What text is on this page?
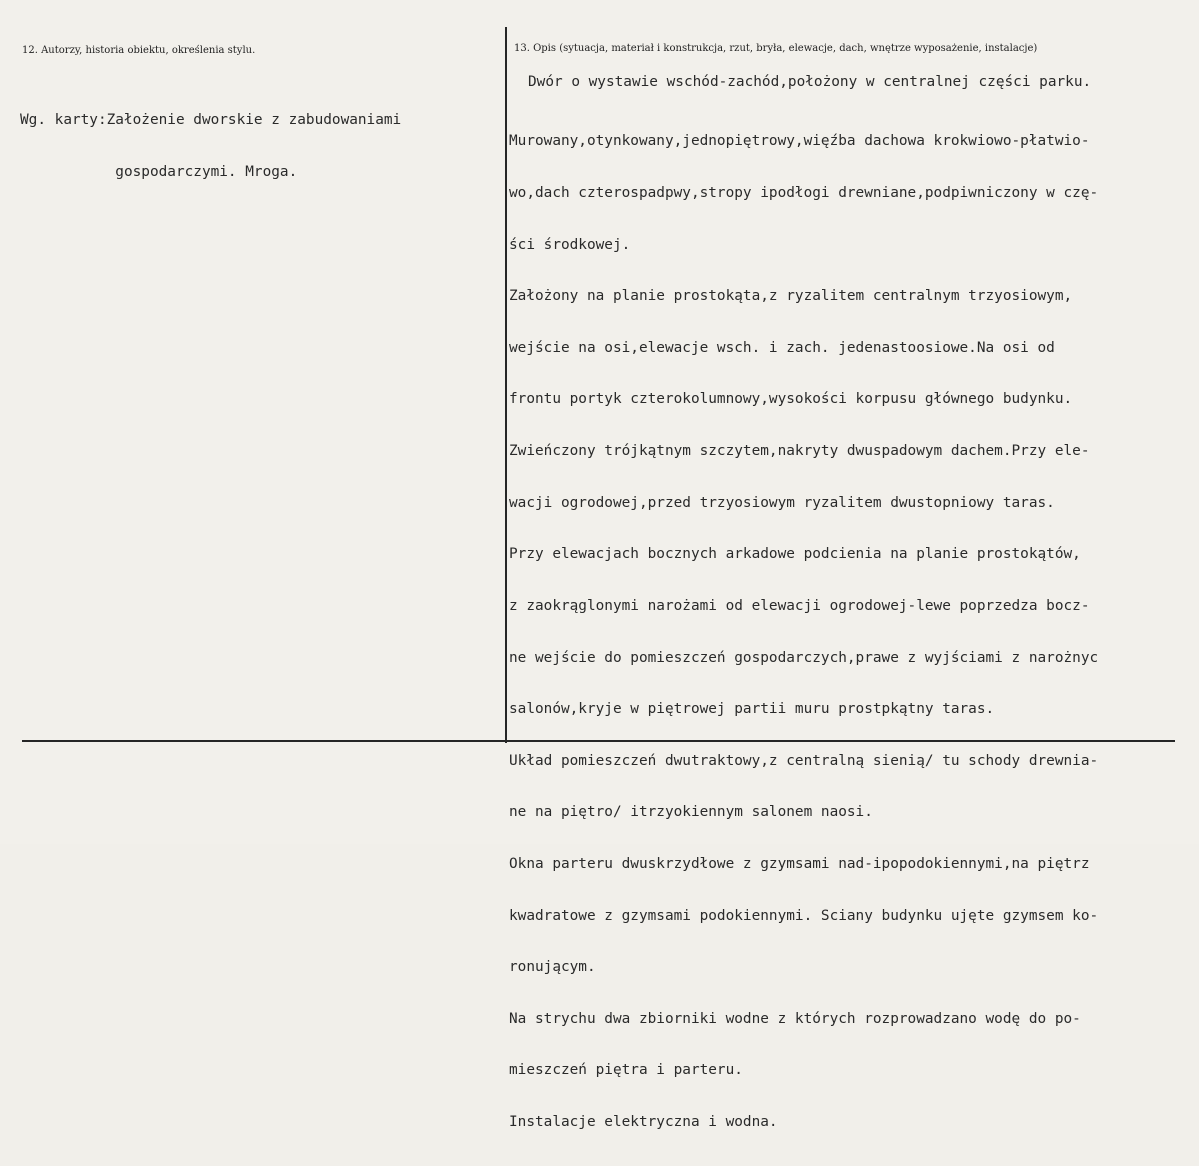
12. Autorzy, historia obiektu, określenia stylu.	13. Opis (sytuacja, materiał i konstrukcja, rzut, bryła, elewacje, dach, wnętrze wyposażenie, instalacje)

Wg. karty:Założenie dworskie z zabudowaniami

gospodarczymi. Mroga.

Dwór o wystawie wschód-zachód,położony w centralnej części parku.

Murowany,otynkowany,jednopiętrowy,więźba dachowa krokwiowo-płatwio-

wo,dach czterospadpwy,stropy ipodłogi drewniane,podpiwniczony w czę-

ści środkowej.

Założony na planie prostokąta,z ryzalitem centralnym trzyosiowym,

wejście na osi,elewacje wsch. i zach. jedenastoosiowe.Na osi od

frontu portyk czterokolumnowy,wysokości korpusu głównego budynku.

Zwieńczony trójkątnym szczytem,nakryty dwuspadowym dachem.Przy ele-

wacji ogrodowej,przed trzyosiowym ryzalitem dwustopniowy taras.

Przy elewacjach bocznych arkadowe podcienia na planie prostokątów,

z zaokrąglonymi narożami od elewacji ogrodowej-lewe poprzedza bocz-

ne wejście do pomieszczeń gospodarczych,prawe z wyjściami z narożnyc

salonów,kryje w piętrowej partii muru prostpkątny taras.

Układ pomieszczeń dwutraktowy,z centralną sienią/ tu schody drewnia-

ne na piętro/ itrzyokiennym salonem naosi.

Okna parteru dwuskrzydłowe z gzymsami nad-ipopodokiennymi,na piętrz

kwadratowe z gzymsami podokiennymi. Sciany budynku ujęte gzymsem ko-

ronującym.

Na strychu dwa zbiorniki wodne z których rozprowadzano wodę do po-

mieszczeń piętra i parteru.

Instalacje elektryczna i wodna.
